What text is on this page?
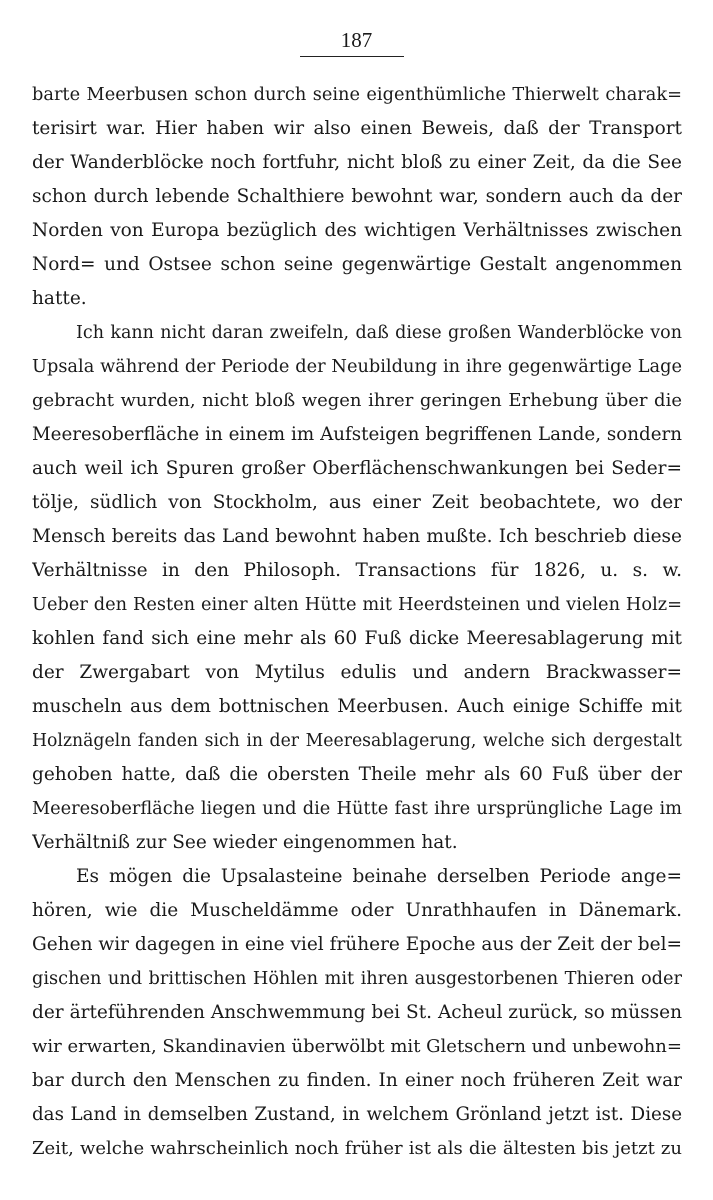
187
barte Meerbusen schon durch seine eigenthümliche Thierwelt charak=
terisirt war. Hier haben wir also einen Beweis, daß der Transport
der Wanderblöcke noch fortfuhr, nicht bloß zu einer Zeit, da die See
schon durch lebende Schalthiere bewohnt war, sondern auch da der
Norden von Europa bezüglich des wichtigen Verhältnisses zwischen
Nord= und Ostsee schon seine gegenwärtige Gestalt angenommen
hatte.
Ich kann nicht daran zweifeln, daß diese großen Wanderblöcke von
Upsala während der Periode der Neubildung in ihre gegenwärtige Lage
gebracht wurden, nicht bloß wegen ihrer geringen Erhebung über die
Meeresoberfläche in einem im Aufsteigen begriffenen Lande, sondern
auch weil ich Spuren großer Oberflächenschwankungen bei Seder=
tölje, südlich von Stockholm, aus einer Zeit beobachtete, wo der
Mensch bereits das Land bewohnt haben mußte. Ich beschrieb diese
Verhältnisse in den Philosoph. Transactions für 1826, u. s. w.
Ueber den Resten einer alten Hütte mit Heerdsteinen und vielen Holz=
kohlen fand sich eine mehr als 60 Fuß dicke Meeresablagerung mit
der Zwergabart von Mytilus edulis und andern Brackwasser=
muscheln aus dem bottnischen Meerbusen. Auch einige Schiffe mit
Holznägeln fanden sich in der Meeresablagerung, welche sich dergestalt
gehoben hatte, daß die obersten Theile mehr als 60 Fuß über der
Meeresoberfläche liegen und die Hütte fast ihre ursprüngliche Lage im
Verhältniß zur See wieder eingenommen hat.
Es mögen die Upsalasteine beinahe derselben Periode ange=
hören, wie die Muscheldämme oder Unrathhaufen in Dänemark.
Gehen wir dagegen in eine viel frühere Epoche aus der Zeit der bel=
gischen und brittischen Höhlen mit ihren ausgestorbenen Thieren oder
der ärteführenden Anschwemmung bei St. Acheul zurück, so müssen
wir erwarten, Skandinavien überwölbt mit Gletschern und unbewohn=
bar durch den Menschen zu finden. In einer noch früheren Zeit war
das Land in demselben Zustand, in welchem Grönland jetzt ist. Diese
Zeit, welche wahrscheinlich noch früher ist als die ältesten bis jetzt zu
